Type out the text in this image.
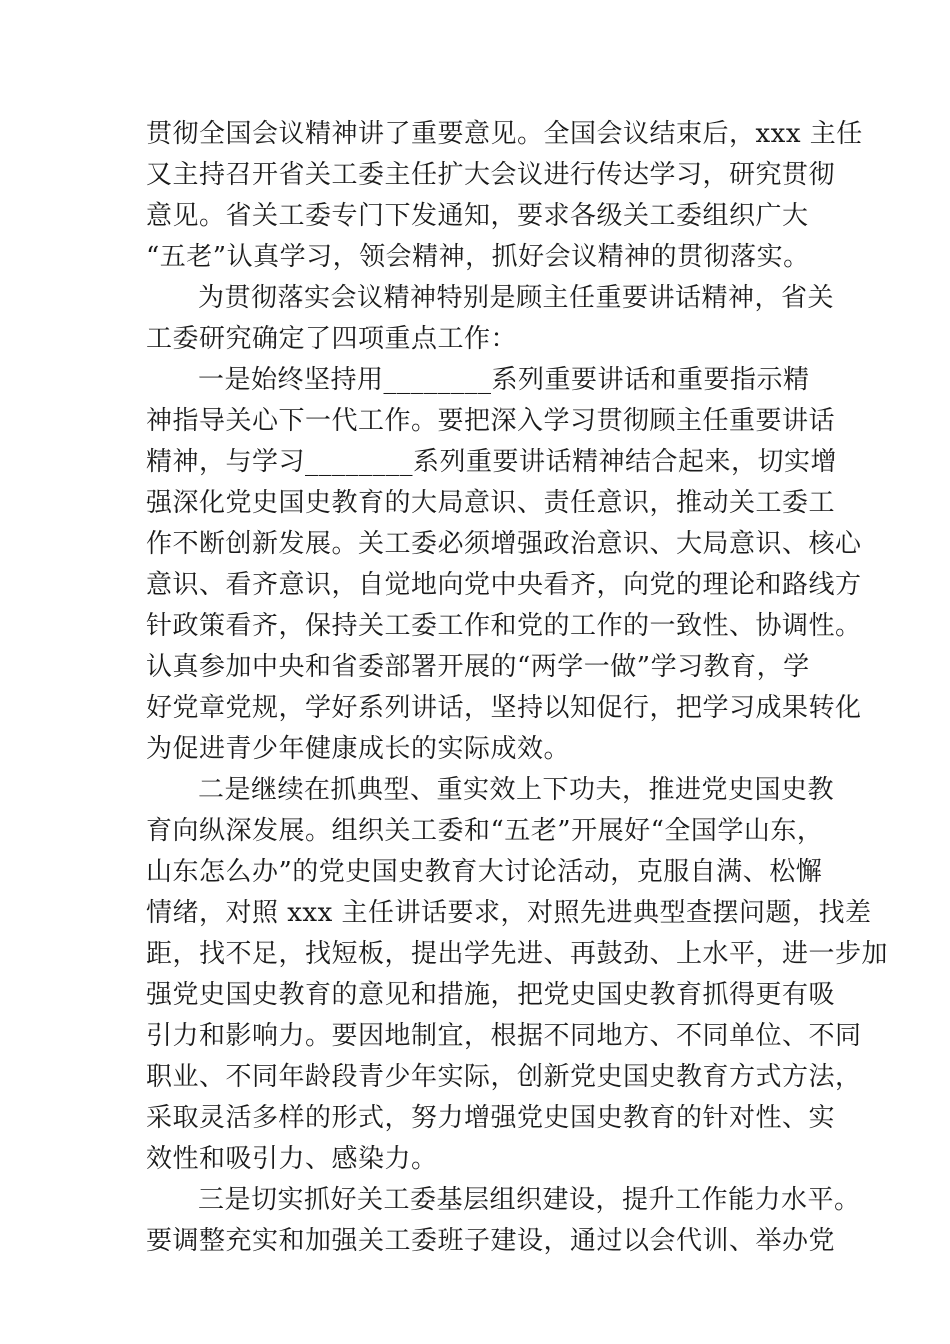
贯彻全国会议精神讲了重要意见。全国会议结束后，xxx 主任
又主持召开省关工委主任扩大会议进行传达学习，研究贯彻
意见。省关工委专门下发通知，要求各级关工委组织广大
“五老”认真学习，领会精神，抓好会议精神的贯彻落实。
为贯彻落实会议精神特别是顾主任重要讲话精神，省关
工委研究确定了四项重点工作：
一是始终坚持用________系列重要讲话和重要指示精
神指导关心下一代工作。要把深入学习贯彻顾主任重要讲话
精神，与学习________系列重要讲话精神结合起来，切实增
强深化党史国史教育的大局意识、责任意识，推动关工委工
作不断创新发展。关工委必须增强政治意识、大局意识、核心
意识、看齐意识，自觉地向党中央看齐，向党的理论和路线方
针政策看齐，保持关工委工作和党的工作的一致性、协调性。
认真参加中央和省委部署开展的“两学一做”学习教育，学
好党章党规，学好系列讲话，坚持以知促行，把学习成果转化
为促进青少年健康成长的实际成效。
二是继续在抓典型、重实效上下功夫，推进党史国史教
育向纵深发展。组织关工委和“五老”开展好“全国学山东，
山东怎么办”的党史国史教育大讨论活动，克服自满、松懈
情绪，对照 xxx 主任讲话要求，对照先进典型查摆问题，找差
距，找不足，找短板，提出学先进、再鼓劲、上水平，进一步加
强党史国史教育的意见和措施，把党史国史教育抓得更有吸
引力和影响力。要因地制宜，根据不同地方、不同单位、不同
职业、不同年龄段青少年实际，创新党史国史教育方式方法，
采取灵活多样的形式，努力增强党史国史教育的针对性、实
效性和吸引力、感染力。
三是切实抓好关工委基层组织建设，提升工作能力水平。
要调整充实和加强关工委班子建设，通过以会代训、举办党
